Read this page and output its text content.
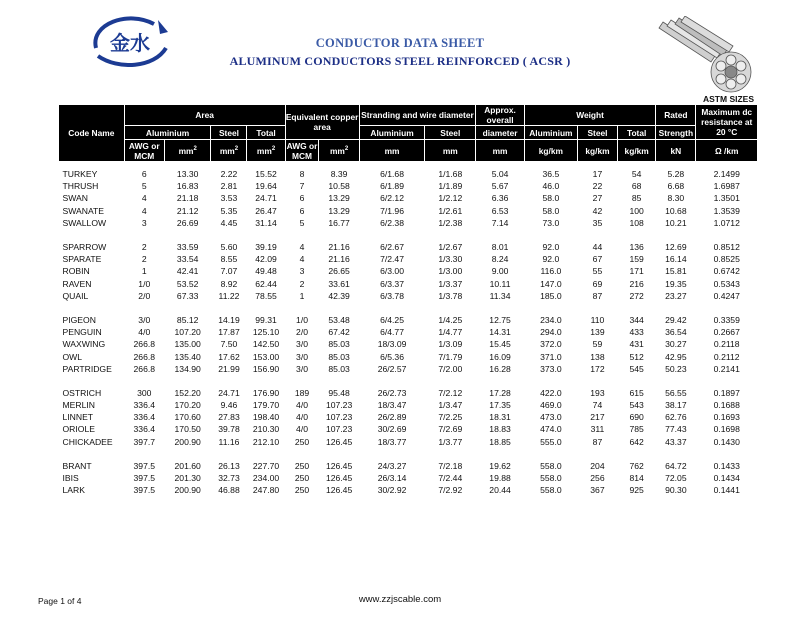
金水	CONDUCTOR DATA SHEET
ALUMINUM CONDUCTORS STEEL REINFORCED ( ACSR )
ASTM SIZES
Code Name	Area				Equivalent copper area		Stranding and wire diameter		Approx. overall	Weight			Rated	Maximum dc resistance at 20 °C
	Aluminium		Steel	Total			Aluminium	Steel	diameter	Aluminium	Steel	Total	Strength	
	AWG or MCM	$mm^2$	$mm^2$	$mm^2$	AWG or MCM	$mm^2$	mm	mm	mm	kg/km	kg/km	kg/km	kN	Ω /km

TURKEY	6	13.30	2.22	15.52	8	8.39	6/1.68	1/1.68	5.04	36.5	17	54	5.28	2.1499
THRUSH	5	16.83	2.81	19.64	7	10.58	6/1.89	1/1.89	5.67	46.0	22	68	6.68	1.6987
SWAN	4	21.18	3.53	24.71	6	13.29	6/2.12	1/2.12	6.36	58.0	27	85	8.30	1.3501
SWANATE	4	21.12	5.35	26.47	6	13.29	7/1.96	1/2.61	6.53	58.0	42	100	10.68	1.3539
SWALLOW	3	26.69	4.45	31.14	5	16.77	6/2.38	1/2.38	7.14	73.0	35	108	10.21	1.0712

SPARROW	2	33.59	5.60	39.19	4	21.16	6/2.67	1/2.67	8.01	92.0	44	136	12.69	0.8512
SPARATE	2	33.54	8.55	42.09	4	21.16	7/2.47	1/3.30	8.24	92.0	67	159	16.14	0.8525
ROBIN	1	42.41	7.07	49.48	3	26.65	6/3.00	1/3.00	9.00	116.0	55	171	15.81	0.6742
RAVEN	1/0	53.52	8.92	62.44	2	33.61	6/3.37	1/3.37	10.11	147.0	69	216	19.35	0.5343
QUAIL	2/0	67.33	11.22	78.55	1	42.39	6/3.78	1/3.78	11.34	185.0	87	272	23.27	0.4247

PIGEON	3/0	85.12	14.19	99.31	1/0	53.48	6/4.25	1/4.25	12.75	234.0	110	344	29.42	0.3359
PENGUIN	4/0	107.20	17.87	125.10	2/0	67.42	6/4.77	1/4.77	14.31	294.0	139	433	36.54	0.2667
WAXWING	266.8	135.00	7.50	142.50	3/0	85.03	18/3.09	1/3.09	15.45	372.0	59	431	30.27	0.2118
OWL	266.8	135.40	17.62	153.00	3/0	85.03	6/5.36	7/1.79	16.09	371.0	138	512	42.95	0.2112
PARTRIDGE	266.8	134.90	21.99	156.90	3/0	85.03	26/2.57	7/2.00	16.28	373.0	172	545	50.23	0.2141

OSTRICH	300	152.20	24.71	176.90	189	95.48	26/2.73	7/2.12	17.28	422.0	193	615	56.55	0.1897
MERLIN	336.4	170.20	9.46	179.70	4/0	107.23	18/3.47	1/3.47	17.35	469.0	74	543	38.17	0.1688
LINNET	336.4	170.60	27.83	198.40	4/0	107.23	26/2.89	7/2.25	18.31	473.0	217	690	62.76	0.1693
ORIOLE	336.4	170.50	39.78	210.30	4/0	107.23	30/2.69	7/2.69	18.83	474.0	311	785	77.43	0.1698
CHICKADEE	397.7	200.90	11.16	212.10	250	126.45	18/3.77	1/3.77	18.85	555.0	87	642	43.37	0.1430

BRANT	397.5	201.60	26.13	227.70	250	126.45	24/3.27	7/2.18	19.62	558.0	204	762	64.72	0.1433
IBIS	397.5	201.30	32.73	234.00	250	126.45	26/3.14	7/2.44	19.88	558.0	256	814	72.05	0.1434
LARK	397.5	200.90	46.88	247.80	250	126.45	30/2.92	7/2.92	20.44	558.0	367	925	90.30	0.1441
Page 1 of 4	www.zzjscable.com
